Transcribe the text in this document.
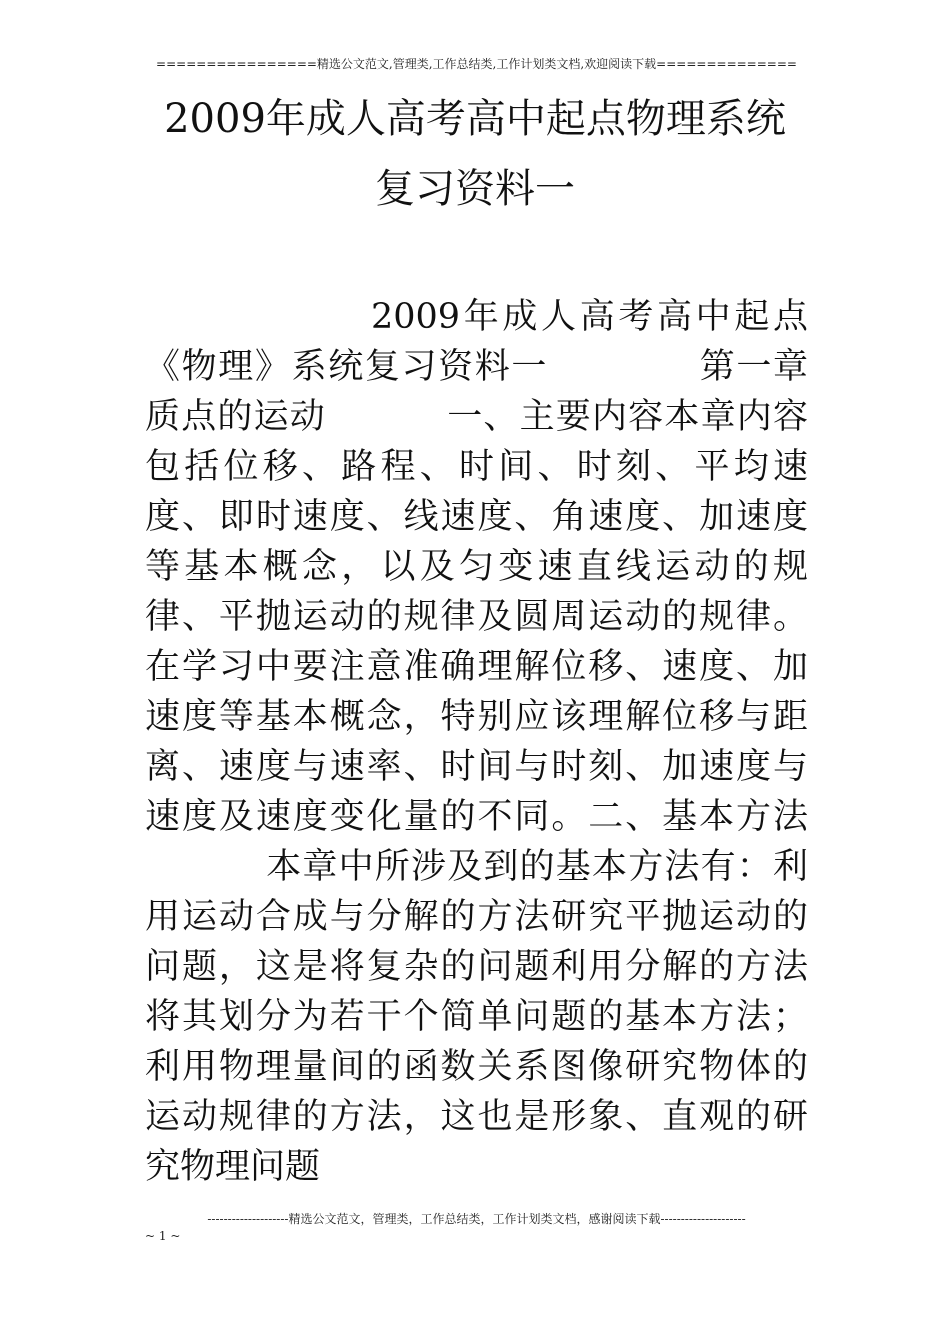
================精选公文范文,管理类,工作总结类,工作计划类文档,欢迎阅读下载==============
2009年成人高考高中起点物理系统
复习资料一
2009年成人高考高中起点《物理》系统复习资料一	第一章　质点的运动	一、主要内容本章内容包括位移、路程、时间、时刻、平均速度、即时速度、线速度、角速度、加速度等基本概念，以及匀变速直线运动的规律、平抛运动的规律及圆周运动的规律。在学习中要注意准确理解位移、速度、加速度等基本概念，特别应该理解位移与距离、速度与速率、时间与时刻、加速度与速度及速度变化量的不同。二、基本方法本章中所涉及到的基本方法有：利用运动合成与分解的方法研究平抛运动的问题，这是将复杂的问题利用分解的方法将其划分为若干个简单问题的基本方法；利用物理量间的函数关系图像研究物体的运动规律的方法，这也是形象、直观的研究物理问题
--------------------精选公文范文，管理类，工作总结类，工作计划类文档，感谢阅读下载---------------------
~ 1 ~
